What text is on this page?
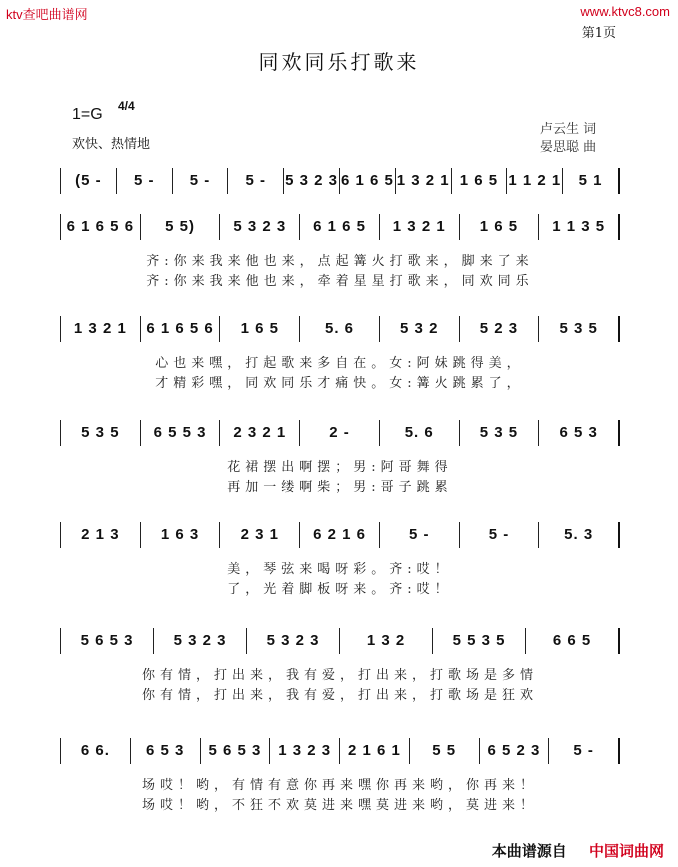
ktv查吧曲谱网	www.ktvc8.com
第1页
同欢同乐打歌来
1=G 4/4
欢快、热情地
卢云生 词
晏思聪 曲
(5 -	5 -	5 -	5 -	5 3 2 3 6 1 6 5 1 3 2 1 1 6 5 1 1 2 1	5 1
6 1 6 5 6	5 5)	5 3 2 3	6 1 6 5	1 3 2 1	1 6 5	1 1 3 5
齐:你来我来他也来，点起篝火打歌来，脚来了来
齐:你来我来他也来，牵着星星打歌来，同欢同乐
1 3 2 1	6 1 6 5 6	1 6 5	5. 6	5 3 2	5 2 3	5 3 5
心也来嘿，打起歌来多自在。女:阿妹跳得美，
才精彩嘿，同欢同乐才痛快。女:篝火跳累了，
5 3 5	6 5 5 3	2 3 2 1	2 -	5. 6	5 3 5	6 5 3
花裙摆出啊摆；男:阿哥舞得
再加一缕啊柴；男:哥子跳累
2 1 3	1 6 3	2 3 1	6 2 1 6	5 -	5 -	5. 3
美，琴弦来喝呀彩。齐:哎！
了，光着脚板呀来。齐:哎！
5 6 5 3	5 3 2 3	5 3 2 3	1 3 2	5 5 3 5	6 6 5
你有情，打出来，我有爱，打出来，打歌场是多情
你有情，打出来，我有爱，打出来，打歌场是狂欢
6 6.	6 5 3	5 6 5 3	1 3 2 3	2 1 6 1	5 5	6 5 2 3	5 -
场哎！哟，有情有意你再来嘿你再来哟，你再来！
场哎！哟，不狂不欢莫进来嘿莫进来哟，莫进来！
本曲谱源自 中国词曲网
